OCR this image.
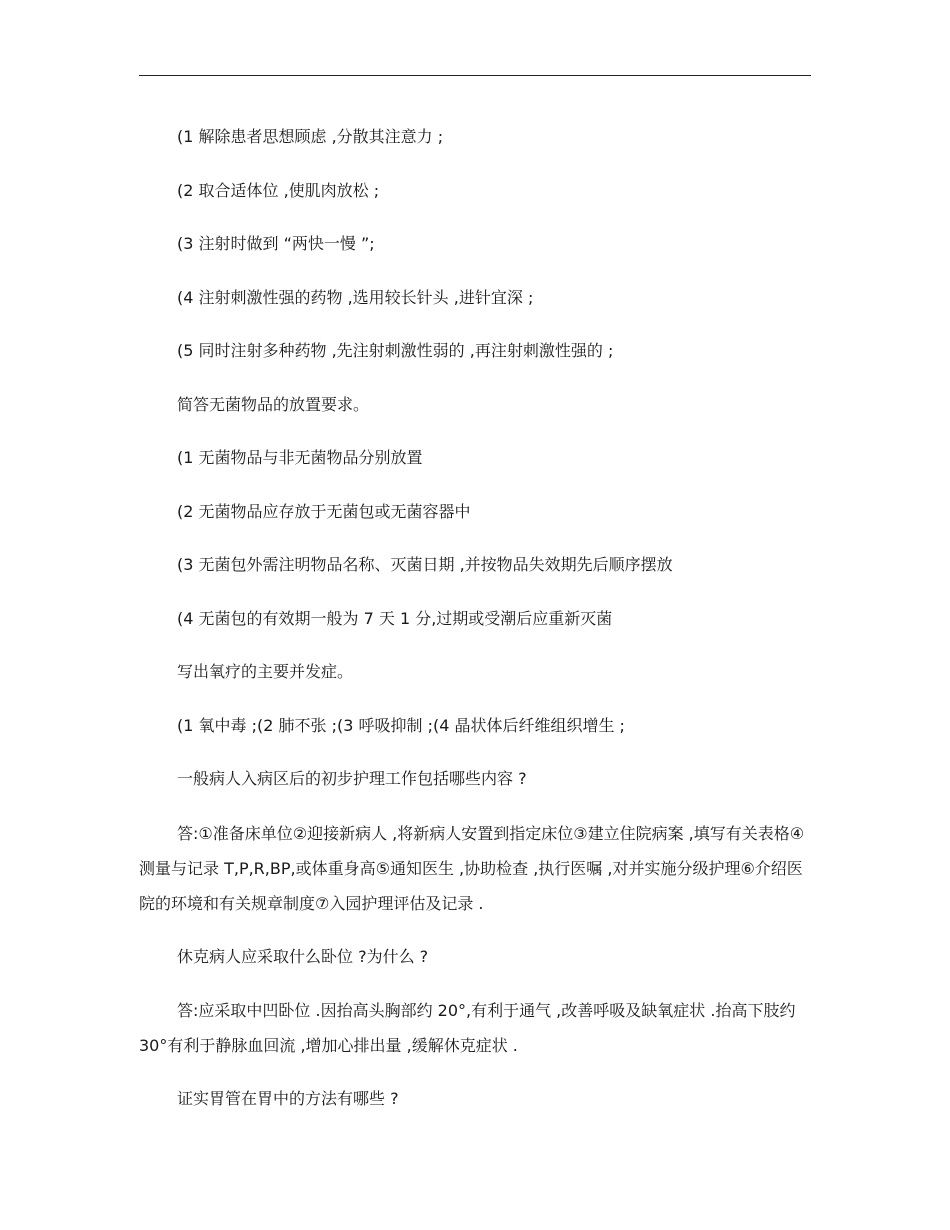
(1 解除患者思想顾虑 ,分散其注意力 ;

(2 取合适体位 ,使肌肉放松 ;

(3 注射时做到 “两快一慢 ”;

(4 注射刺激性强的药物 ,选用较长针头 ,进针宜深 ;

(5 同时注射多种药物 ,先注射刺激性弱的 ,再注射刺激性强的 ;

简答无菌物品的放置要求。

(1 无菌物品与非无菌物品分别放置

(2 无菌物品应存放于无菌包或无菌容器中

(3 无菌包外需注明物品名称、灭菌日期 ,并按物品失效期先后顺序摆放

(4 无菌包的有效期一般为 7 天 1 分,过期或受潮后应重新灭菌

写出氧疗的主要并发症。

(1 氧中毒 ;(2 肺不张 ;(3 呼吸抑制 ;(4 晶状体后纤维组织增生 ;

一般病人入病区后的初步护理工作包括哪些内容 ?

答:①准备床单位②迎接新病人 ,将新病人安置到指定床位③建立住院病案 ,填写有关表格④测量与记录 T,P,R,BP,或体重身高⑤通知医生 ,协助检查 ,执行医嘱 ,对并实施分级护理⑥介绍医院的环境和有关规章制度⑦入园护理评估及记录 .

休克病人应采取什么卧位 ?为什么 ?

答:应采取中凹卧位 .因抬高头胸部约 20°,有利于通气 ,改善呼吸及缺氧症状 .抬高下肢约 30°有利于静脉血回流 ,增加心排出量 ,缓解休克症状 .

证实胃管在胃中的方法有哪些 ?
